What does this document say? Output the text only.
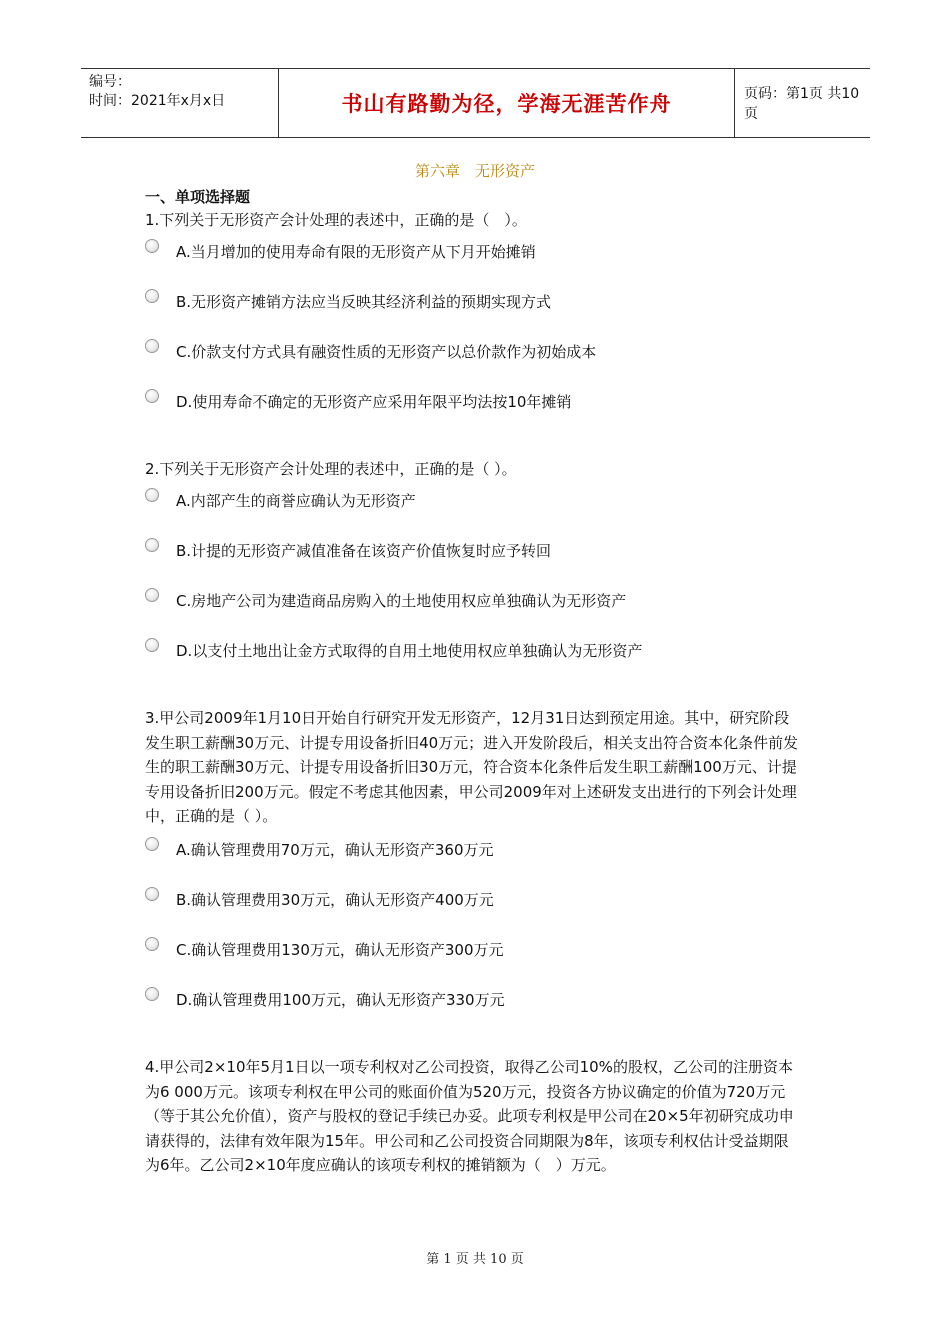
编号：
时间：2021年x月x日	书山有路勤为径，学海无涯苦作舟	页码：第1页 共10页
第六章　无形资产
一、单项选择题
1.下列关于无形资产会计处理的表述中，正确的是（　）。
A.当月增加的使用寿命有限的无形资产从下月开始摊销
B.无形资产摊销方法应当反映其经济利益的预期实现方式
C.价款支付方式具有融资性质的无形资产以总价款作为初始成本
D.使用寿命不确定的无形资产应采用年限平均法按10年摊销
2.下列关于无形资产会计处理的表述中，正确的是（ ）。
A.内部产生的商誉应确认为无形资产
B.计提的无形资产减值准备在该资产价值恢复时应予转回
C.房地产公司为建造商品房购入的土地使用权应单独确认为无形资产
D.以支付土地出让金方式取得的自用土地使用权应单独确认为无形资产
3.甲公司2009年1月10日开始自行研究开发无形资产，12月31日达到预定用途。其中，研究阶段发生职工薪酬30万元、计提专用设备折旧40万元；进入开发阶段后，相关支出符合资本化条件前发生的职工薪酬30万元、计提专用设备折旧30万元，符合资本化条件后发生职工薪酬100万元、计提专用设备折旧200万元。假定不考虑其他因素，甲公司2009年对上述研发支出进行的下列会计处理中，正确的是（ ）。
A.确认管理费用70万元，确认无形资产360万元
B.确认管理费用30万元，确认无形资产400万元
C.确认管理费用130万元，确认无形资产300万元
D.确认管理费用100万元，确认无形资产330万元
4.甲公司2×10年5月1日以一项专利权对乙公司投资，取得乙公司10%的股权，乙公司的注册资本为6 000万元。该项专利权在甲公司的账面价值为520万元，投资各方协议确定的价值为720万元（等于其公允价值），资产与股权的登记手续已办妥。此项专利权是甲公司在20×5年初研究成功申请获得的，法律有效年限为15年。甲公司和乙公司投资合同期限为8年，该项专利权估计受益期限为6年。乙公司2×10年度应确认的该项专利权的摊销额为（　）万元。
第 1 页 共 10 页
